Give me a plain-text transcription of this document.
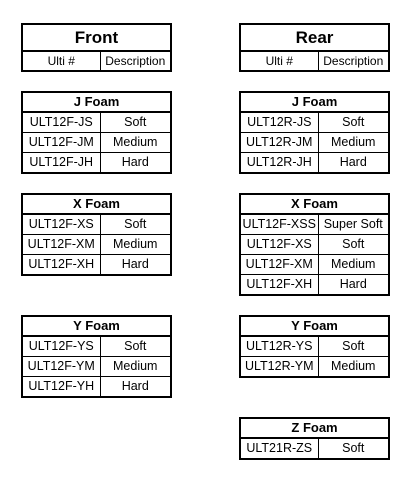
Front
Ulti #	Description
J Foam	
ULT12F-JS	Soft
ULT12F-JM	Medium
ULT12F-JH	Hard
X Foam	
ULT12F-XS	Soft
ULT12F-XM	Medium
ULT12F-XH	Hard
Y Foam	
ULT12F-YS	Soft
ULT12F-YM	Medium
ULT12F-YH	Hard
Rear
Ulti #	Description
J Foam	
ULT12R-JS	Soft
ULT12R-JM	Medium
ULT12R-JH	Hard
X Foam	
ULT12F-XSS	Super Soft
ULT12F-XS	Soft
ULT12F-XM	Medium
ULT12F-XH	Hard
Y Foam	
ULT12R-YS	Soft
ULT12R-YM	Medium
Z Foam
ULT21R-ZS	Soft
